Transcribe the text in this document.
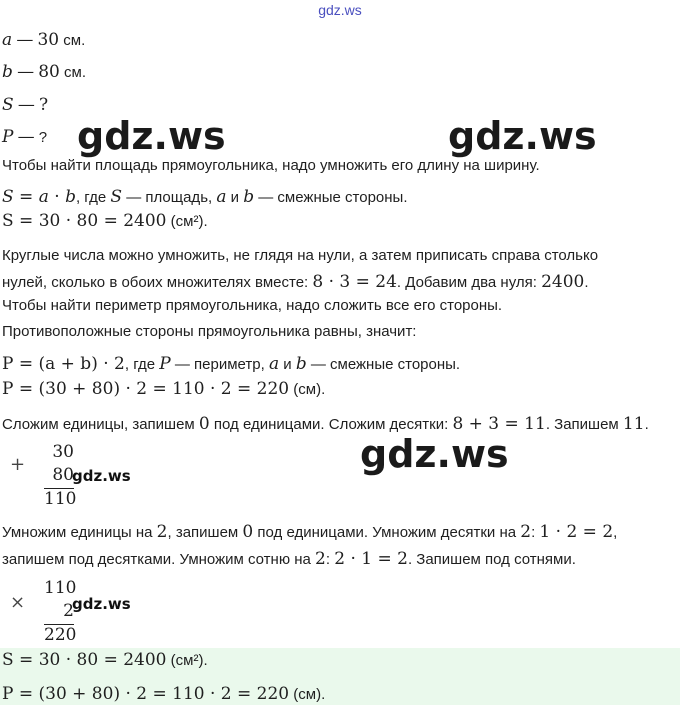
gdz.ws
a — 30 см.
b — 80 см.
S — ?
P — ? gdz.ws	gdz.ws
Чтобы найти площадь прямоугольника, надо умножить его длину на ширину.
S = a · b, где S — площадь, a и b — смежные стороны.
S = 30 · 80 = 2400 (см²).
Круглые числа можно умножить, не глядя на нули, а затем приписать справа столько
нулей, сколько в обоих множителях вместе: 8 · 3 = 24. Добавим два нуля: 2400.
Чтобы найти периметр прямоугольника, надо сложить все его стороны.
Противоположные стороны прямоугольника равны, значит:
P = (a + b) · 2, где P — периметр, a и b — смежные стороны.
P = (30 + 80) · 2 = 110 · 2 = 220 (см).
Сложим единицы, запишем 0 под единицами. Сложим десятки: 8 + 3 = 11. Запишем 11.
gdz.ws
+
30
80
110
gdz.ws
Умножим единицы на 2, запишем 0 под единицами. Умножим десятки на 2: 1 · 2 = 2,
запишем под десятками. Умножим сотню на 2: 2 · 1 = 2. Запишем под сотнями.
×
110
2
220
gdz.ws
S = 30 · 80 = 2400 (см²).
P = (30 + 80) · 2 = 110 · 2 = 220 (см).
